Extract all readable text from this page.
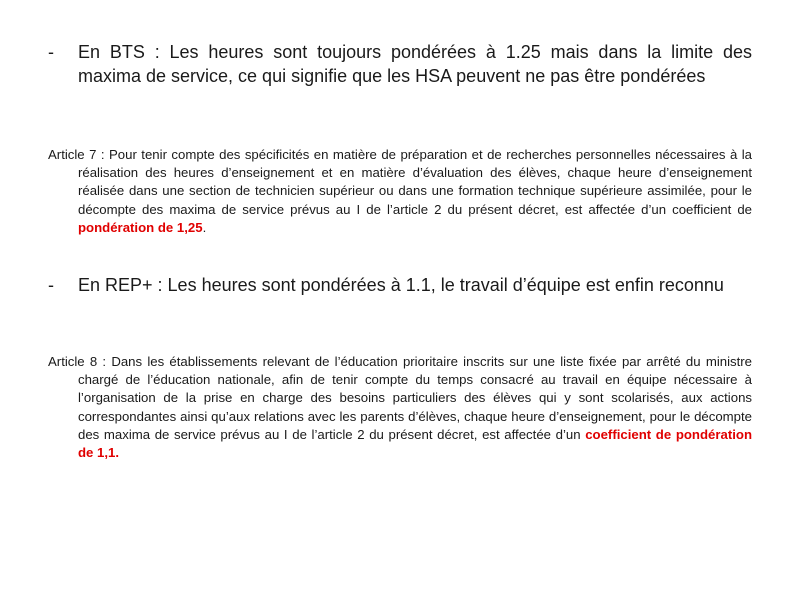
- En BTS : Les heures sont toujours pondérées à 1.25 mais dans la limite des maxima de service, ce qui signifie que les HSA peuvent ne pas être pondérées
Article 7 : Pour tenir compte des spécificités en matière de préparation et de recherches personnelles nécessaires à la réalisation des heures d’enseignement et en matière d’évaluation des élèves, chaque heure d’enseignement réalisée dans une section de technicien supérieur ou dans une formation technique supérieure assimilée, pour le décompte des maxima de service prévus au I de l’article 2 du présent décret, est affectée d’un coefficient de pondération de 1,25.
- En REP+ : Les heures sont pondérées à 1.1, le travail d’équipe est enfin reconnu
Article 8 : Dans les établissements relevant de l’éducation prioritaire inscrits sur une liste fixée par arrêté du ministre chargé de l’éducation nationale, afin de tenir compte du temps consacré au travail en équipe nécessaire à l’organisation de la prise en charge des besoins particuliers des élèves qui y sont scolarisés, aux actions correspondantes ainsi qu’aux relations avec les parents d’élèves, chaque heure d’enseignement, pour le décompte des maxima de service prévus au I de l’article 2 du présent décret, est affectée d’un coefficient de pondération de 1,1.
